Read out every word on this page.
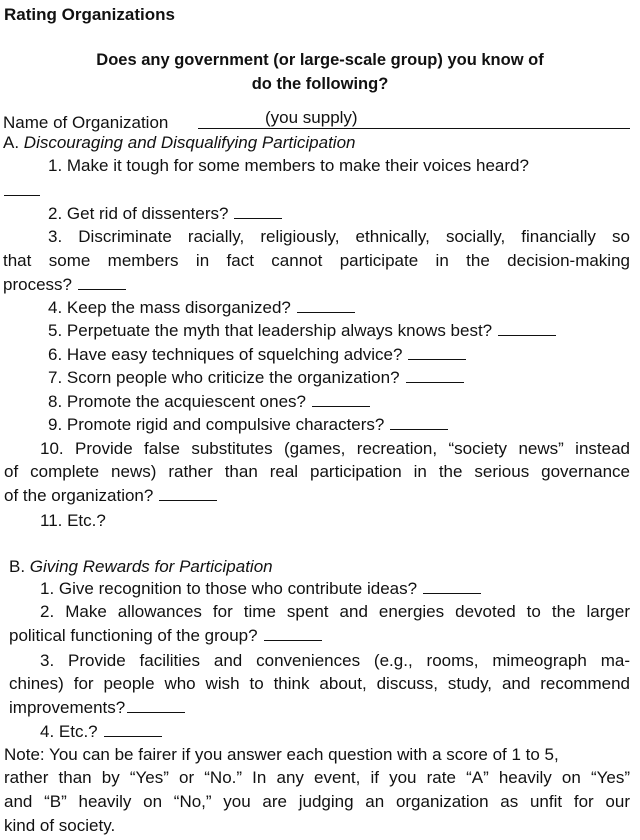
Rating Organizations
Does any government (or large-scale group) you know of
do the following?
Name of Organization	(you supply)
A. Discouraging and Disqualifying Participation
1. Make it tough for some members to make their voices heard?
2. Get rid of dissenters?
3. Discriminate racially, religiously, ethnically, socially, financially so
that some members in fact cannot participate in the decision-making
process?
4. Keep the mass disorganized?
5. Perpetuate the myth that leadership always knows best?
6. Have easy techniques of squelching advice?
7. Scorn people who criticize the organization?
8. Promote the acquiescent ones?
9. Promote rigid and compulsive characters?
10. Provide false substitutes (games, recreation, “society news” instead
of complete news) rather than real participation in the serious governance
of the organization?
11. Etc.?
B. Giving Rewards for Participation
1. Give recognition to those who contribute ideas?
2. Make allowances for time spent and energies devoted to the larger
political functioning of the group?
3. Provide facilities and conveniences (e.g., rooms, mimeograph ma-
chines) for people who wish to think about, discuss, study, and recommend
improvements?
4. Etc.?
Note: You can be fairer if you answer each question with a score of 1 to 5,
rather than by “Yes” or “No.” In any event, if you rate “A” heavily on “Yes”
and “B” heavily on “No,” you are judging an organization as unfit for our
kind of society.
